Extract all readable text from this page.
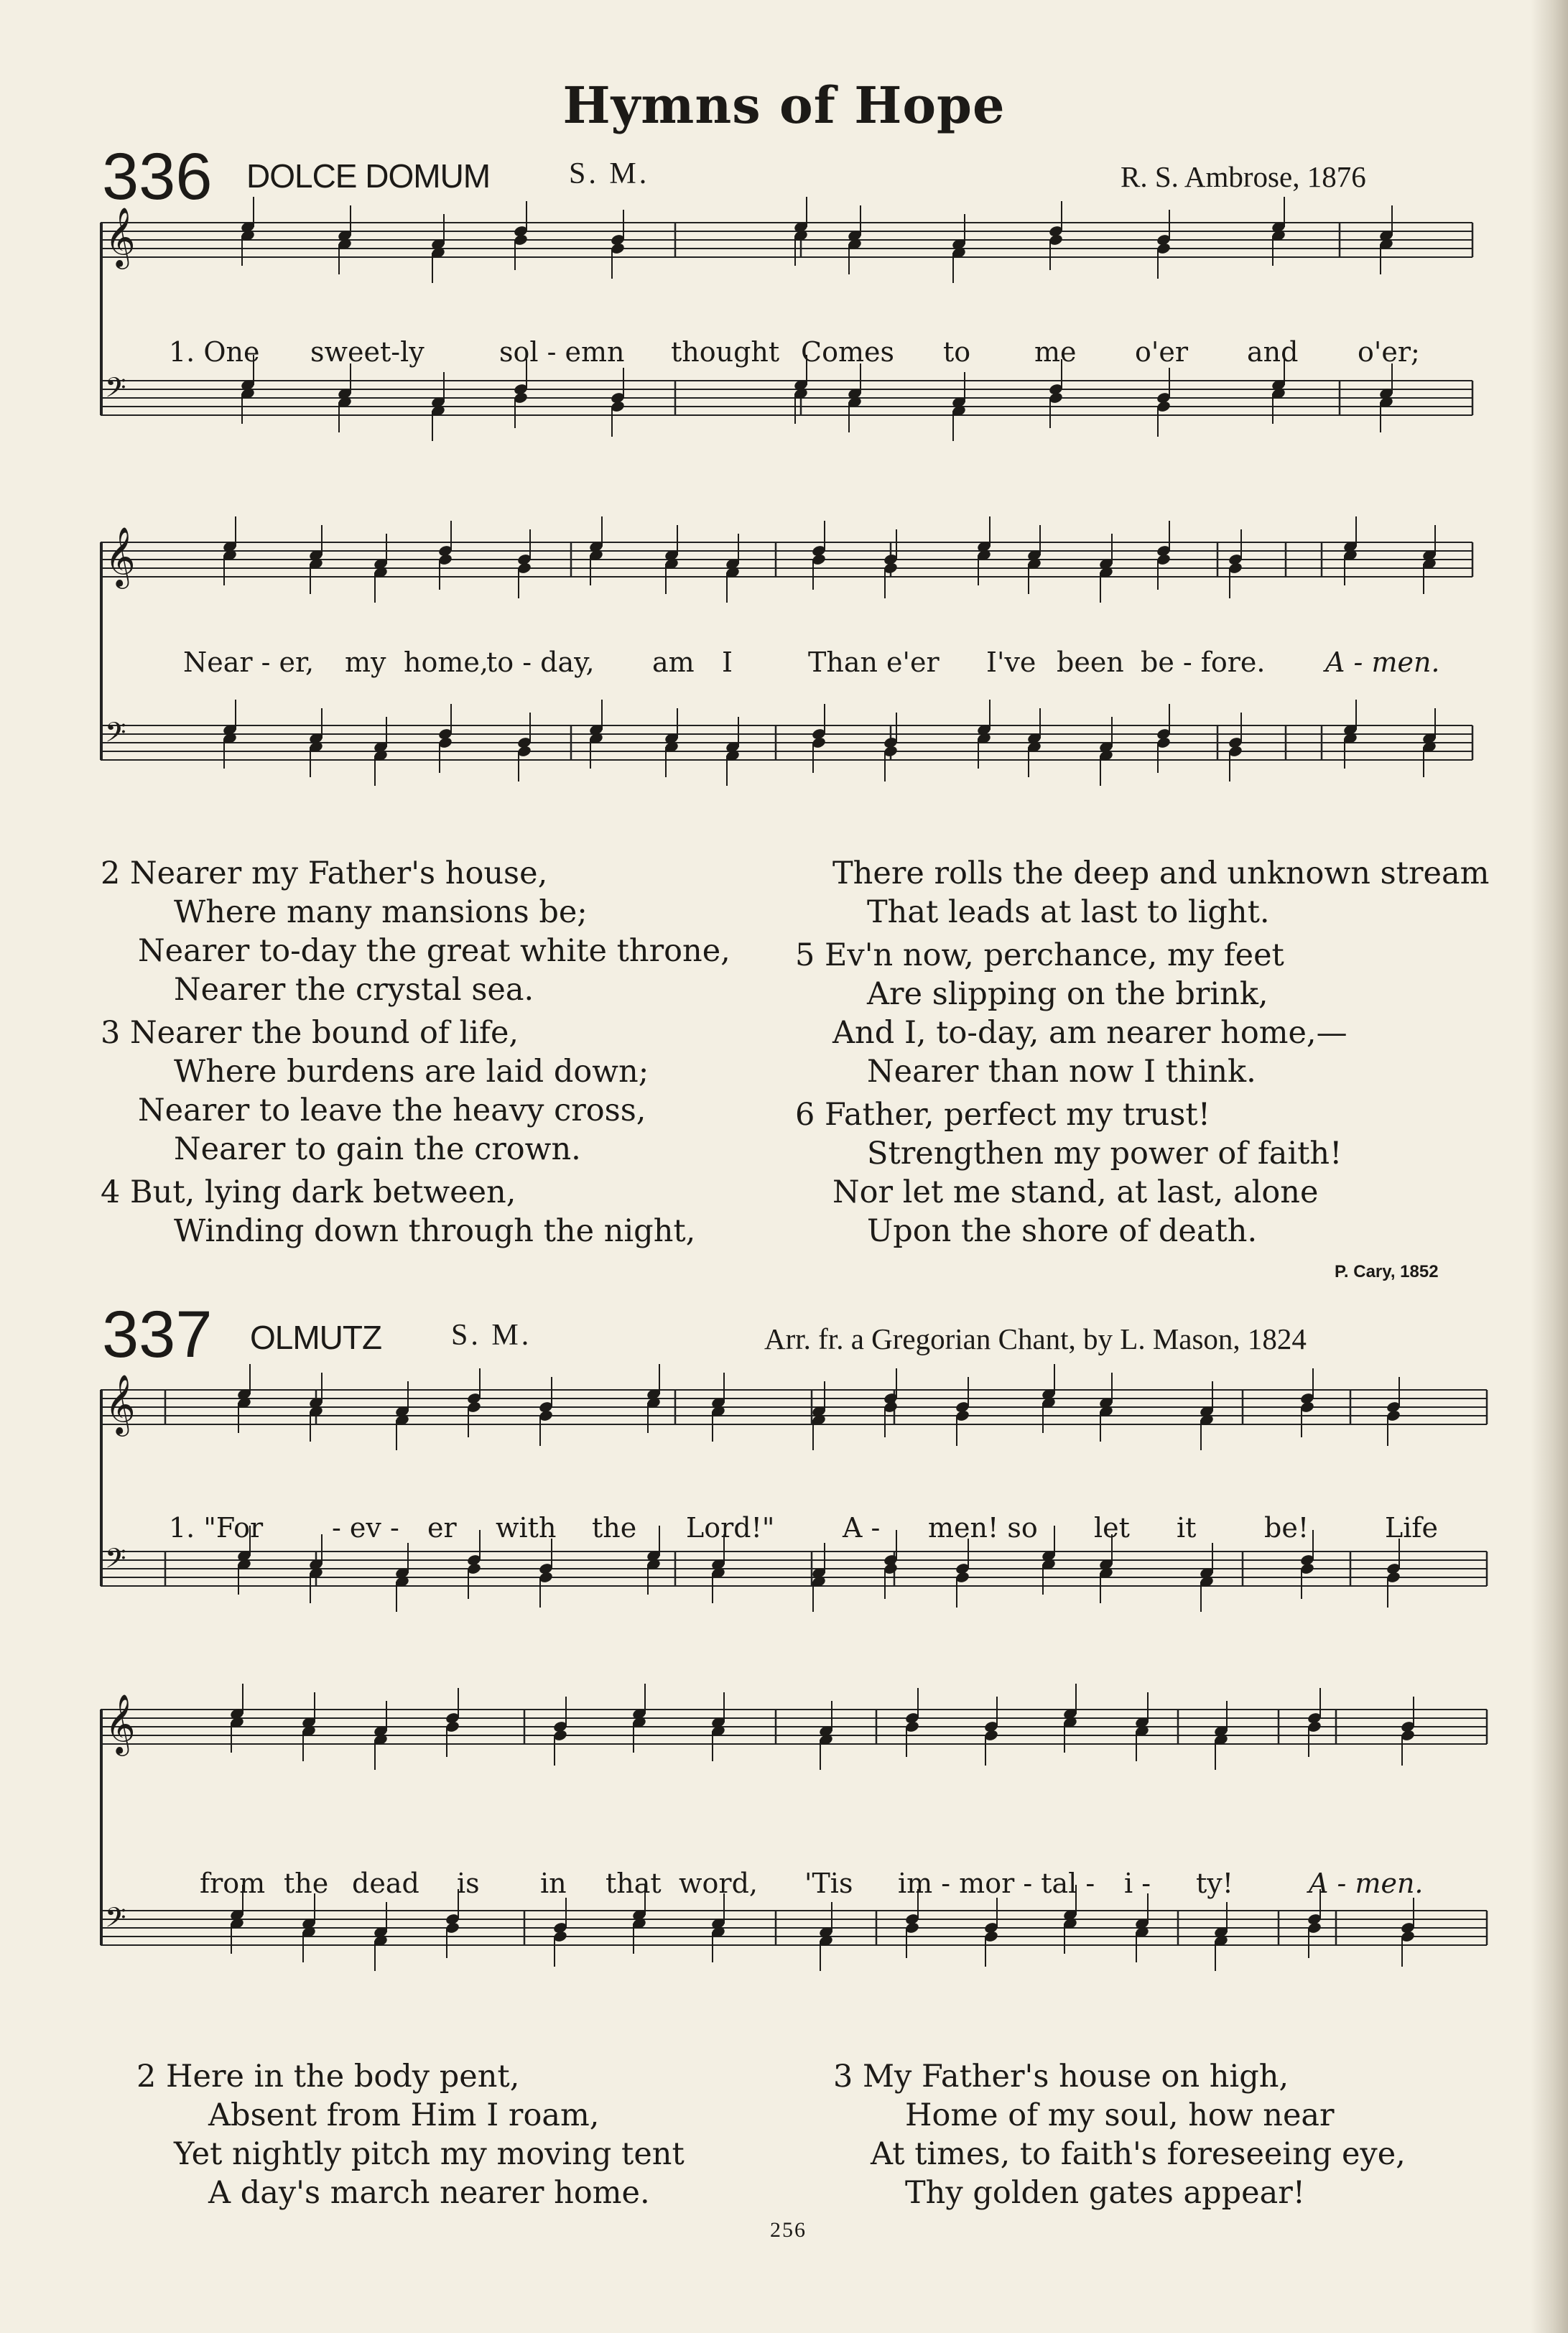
Hymns of Hope
336 DOLCE DOMUM	S. M.	R. S. Ambrose, 1876
𝄞
𝄢
1. One sweet-ly	sol - emn thought Comes to me o'er and o'er;
𝄞
𝄢
Near - er, my home,
to - day, am I	Than e'er I've been be - fore. A - men.
2 Nearer my Father's house,
Where many mansions be;
Nearer to-day the great white throne,
Nearer the crystal sea.
3 Nearer the bound of life,
Where burdens are laid down;
Nearer to leave the heavy cross,
Nearer to gain the crown.
4 But, lying dark between,
Winding down through the night,
There rolls the deep and unknown stream
That leads at last to light.
5 Ev'n now, perchance, my feet
Are slipping on the brink,
And I, to-day, am nearer home,—
Nearer than now I think.
6 Father, perfect my trust!
Strengthen my power of faith!
Nor let me stand, at last, alone
Upon the shore of death.
P. Cary, 1852
337 OLMUTZ S. M.	Arr. fr. a Gregorian Chant, by L. Mason, 1824
𝄞
𝄢
1. "For	- ev - er with the Lord!" A - men! so let it be!	Life
𝄞
𝄢
from the dead is in that word, 'Tis im - mor - tal - i - ty!	A - men.
2 Here in the body pent,
Absent from Him I roam,
Yet nightly pitch my moving tent
A day's march nearer home.
3 My Father's house on high,
Home of my soul, how near
At times, to faith's foreseeing eye,
Thy golden gates appear!
256
